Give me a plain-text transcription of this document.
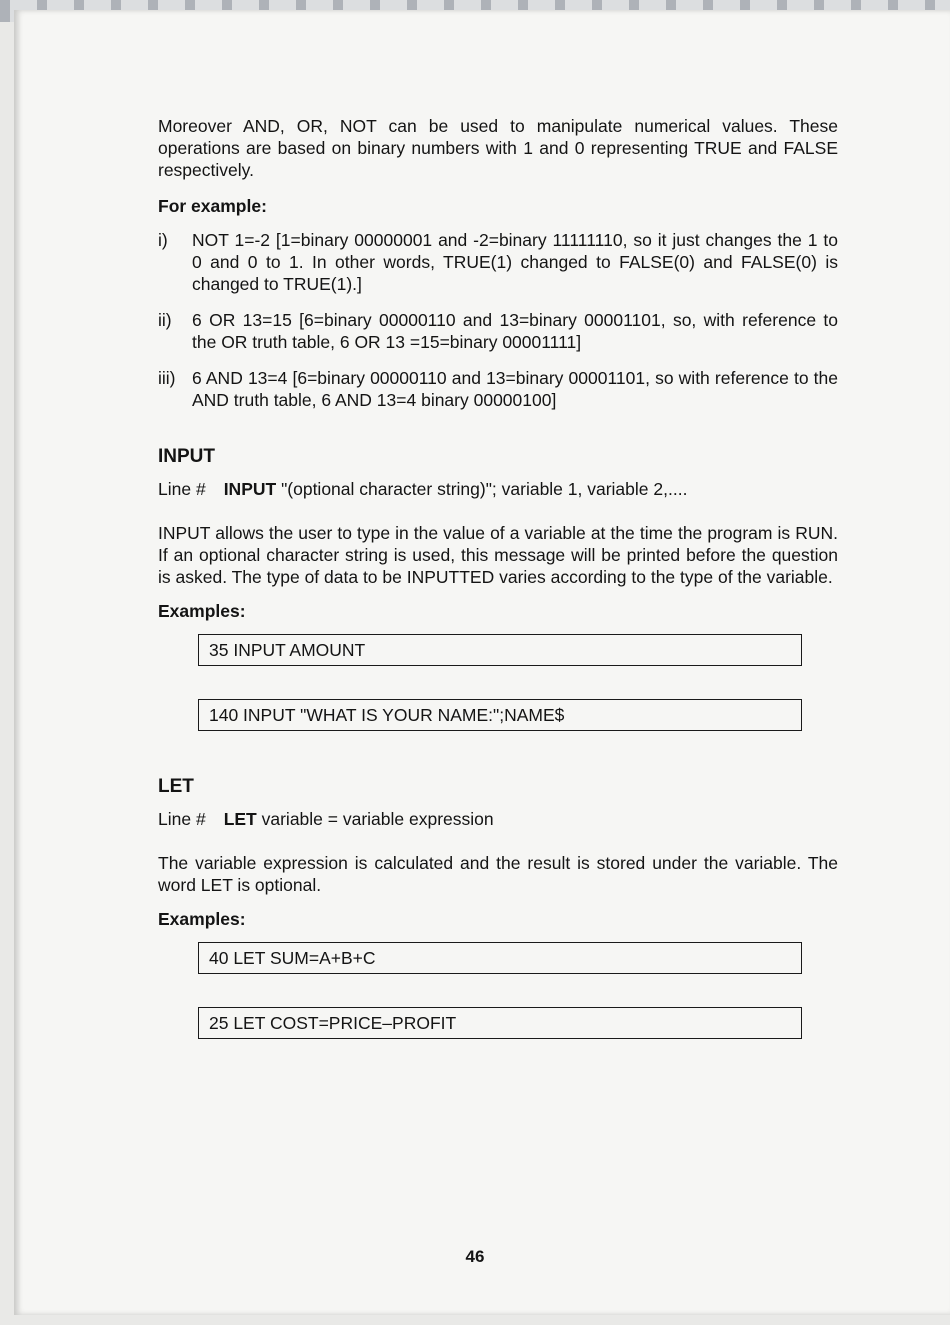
Moreover AND, OR, NOT can be used to manipulate numerical values. These operations are based on binary numbers with 1 and 0 representing TRUE and FALSE respectively.

For example:

i)	NOT 1=-2 [1=binary 00000001 and -2=binary 11111110, so it just changes the 1 to 0 and 0 to 1. In other words, TRUE(1) changed to FALSE(0) and FALSE(0) is changed to TRUE(1).]
ii)	6 OR 13=15 [6=binary 00000110 and 13=binary 00001101, so, with reference to the OR truth table, 6 OR 13 =15=binary 00001111]
iii) 6 AND 13=4 [6=binary 00000110 and 13=binary 00001101, so with reference to the AND truth table, 6 AND 13=4 binary 00000100]

INPUT

Line # INPUT "(optional character string)"; variable 1, variable 2,....

INPUT allows the user to type in the value of a variable at the time the program is RUN. If an optional character string is used, this message will be printed before the question is asked. The type of data to be INPUTTED varies according to the type of the variable.

Examples:

35 INPUT AMOUNT
140 INPUT "WHAT IS YOUR NAME:";NAME$

LET

Line # LET variable = variable expression

The variable expression is calculated and the result is stored under the variable. The word LET is optional.

Examples:

40 LET SUM=A+B+C
25 LET COST=PRICE–PROFIT
46
